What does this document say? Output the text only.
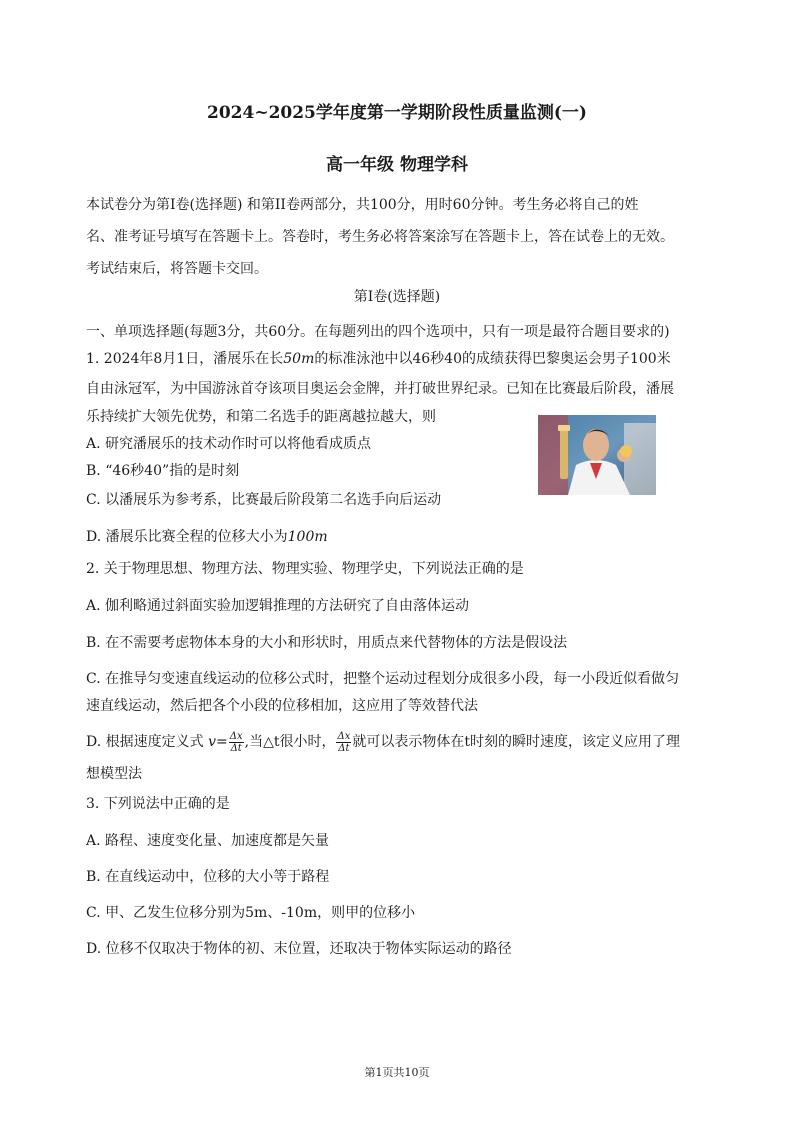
2024~2025学年度第一学期阶段性质量监测(一)
高一年级 物理学科
本试卷分为第I卷(选择题) 和第II卷两部分，共100分，用时60分钟。考生务必将自己的姓
名、准考证号填写在答题卡上。答卷时，考生务必将答案涂写在答题卡上，答在试卷上的无效。
考试结束后，将答题卡交回。
第Ⅰ卷(选择题)
一、单项选择题(每题3分，共60分。在每题列出的四个选项中，只有一项是最符合题目要求的)
1. 2024年8月1日，潘展乐在长50m的标准泳池中以46秒40的成绩获得巴黎奥运会男子100米
自由泳冠军，为中国游泳首夺该项目奥运会金牌，并打破世界纪录。已知在比赛最后阶段，潘展
乐持续扩大领先优势，和第二名选手的距离越拉越大，则
A. 研究潘展乐的技术动作时可以将他看成质点
B. “46秒40”指的是时刻
C. 以潘展乐为参考系，比赛最后阶段第二名选手向后运动
D. 潘展乐比赛全程的位移大小为100m
2. 关于物理思想、物理方法、物理实验、物理学史，下列说法正确的是
A. 伽利略通过斜面实验加逻辑推理的方法研究了自由落体运动
B. 在不需要考虑物体本身的大小和形状时，用质点来代替物体的方法是假设法
C. 在推导匀变速直线运动的位移公式时，把整个运动过程划分成很多小段，每一小段近似看做匀
速直线运动，然后把各个小段的位移相加，这应用了等效替代法
D. 根据速度定义式 $v= \frac{\Delta x}{\Delta t}$ ,当△t很小时， $\frac{\Delta x}{\Delta t}$ 就可以表示物体在t时刻的瞬时速度，该定义应用了理
想模型法
3. 下列说法中正确的是
A. 路程、速度变化量、加速度都是矢量
B. 在直线运动中，位移的大小等于路程
C. 甲、乙发生位移分别为5m、-10m，则甲的位移小
D. 位移不仅取决于物体的初、末位置，还取决于物体实际运动的路径
第1页共10页
